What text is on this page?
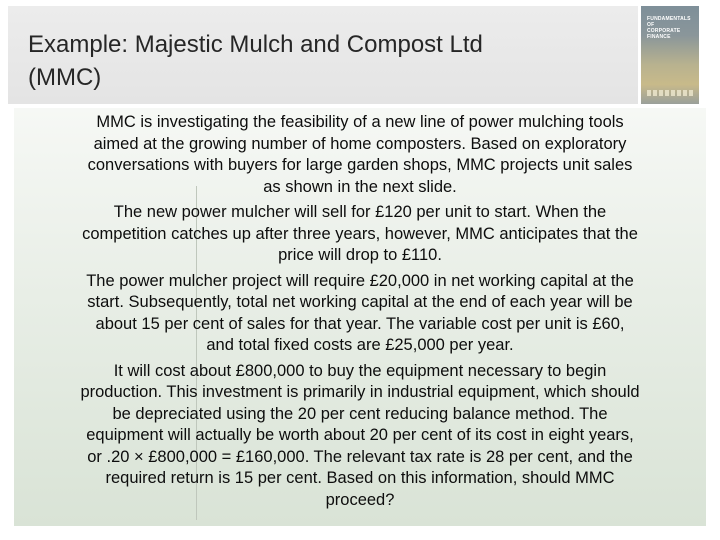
Example: Majestic Mulch and Compost Ltd
(MMC)
FUNDAMENTALS
OF
CORPORATE
FINANCE

MMC is investigating the feasibility of a new line of power mulching tools
aimed at the growing number of home composters. Based on exploratory
conversations with buyers for large garden shops, MMC projects unit sales
as shown in the next slide.

The new power mulcher will sell for £120 per unit to start. When the
competition catches up after three years, however, MMC anticipates that the
price will drop to £110.

The power mulcher project will require £20,000 in net working capital at the
start. Subsequently, total net working capital at the end of each year will be
about 15 per cent of sales for that year. The variable cost per unit is £60,
and total fixed costs are £25,000 per year.

It will cost about £800,000 to buy the equipment necessary to begin
production. This investment is primarily in industrial equipment, which should
be depreciated using the 20 per cent reducing balance method. The
equipment will actually be worth about 20 per cent of its cost in eight years,
or .20 × £800,000 = £160,000. The relevant tax rate is 28 per cent, and the
required return is 15 per cent. Based on this information, should MMC
proceed?
